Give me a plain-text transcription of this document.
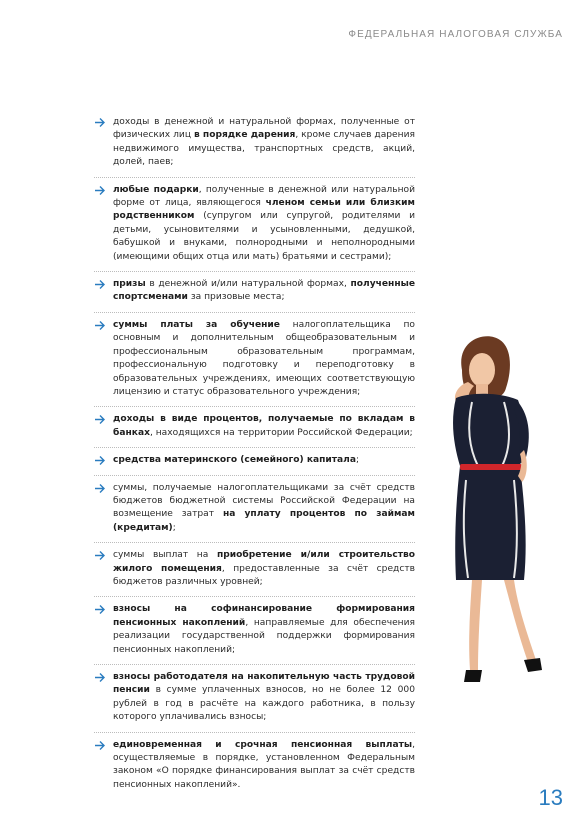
ФЕДЕРАЛЬНАЯ НАЛОГОВАЯ СЛУЖБА
доходы в денежной и натуральной формах, полученные от физических лиц в порядке дарения, кроме случаев дарения недвижимого имущества, транспортных средств, акций, долей, паев;
любые подарки, полученные в денежной или натуральной форме от лица, являющегося членом семьи или близким родственником (супругом или супругой, родителями и детьми, усыновителями и усыновленными, дедушкой, бабушкой и внуками, полнородными и неполнородными (имеющими общих отца или мать) братьями и сестрами);
призы в денежной и/или натуральной формах, полученные спортсменами за призовые места;
суммы платы за обучение налогоплательщика по основным и дополнительным общеобразовательным и профессиональным образовательным программам, профессиональную подготовку и переподготовку в образовательных учреждениях, имеющих соответствующую лицензию и статус образовательного учреждения;
доходы в виде процентов, получаемые по вкладам в банках, находящихся на территории Российской Федерации;
средства материнского (семейного) капитала;
суммы, получаемые налогоплательщиками за счёт средств бюджетов бюджетной системы Российской Федерации на возмещение затрат на уплату процентов по займам (кредитам);
суммы выплат на приобретение и/или строительство жилого помещения, предоставленные за счёт средств бюджетов различных уровней;
взносы на софинансирование формирования пенсионных накоплений, направляемые для обеспечения реализации государственной поддержки формирования пенсионных накоплений;
взносы работодателя на накопительную часть трудовой пенсии в сумме уплаченных взносов, но не более 12 000 рублей в год в расчёте на каждого работника, в пользу которого уплачивались взносы;
единовременная и срочная пенсионная выплаты, осуществляемые в порядке, установленном Федеральным законом «О порядке финансирования выплат за счёт средств пенсионных накоплений».
13
